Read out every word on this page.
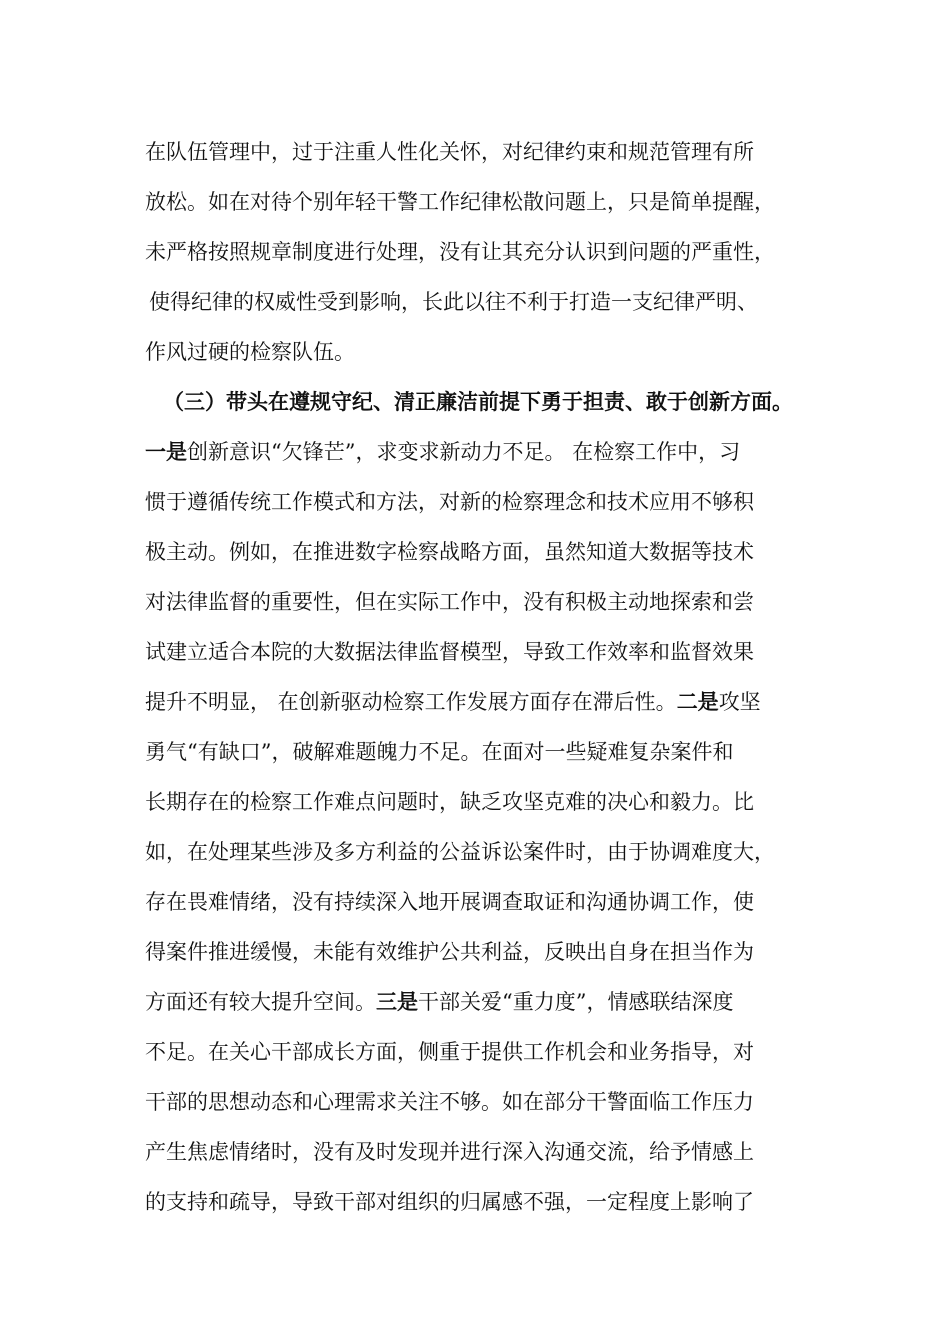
在队伍管理中，过于注重人性化关怀，对纪律约束和规范管理有所
放松。如在对待个别年轻干警工作纪律松散问题上，只是简单提醒，
未严格按照规章制度进行处理，没有让其充分认识到问题的严重性，
使得纪律的权威性受到影响，长此以往不利于打造一支纪律严明、
作风过硬的检察队伍。
（三）带头在遵规守纪、清正廉洁前提下勇于担责、敢于创新方面。
一是创新意识“欠锋芒”，求变求新动力不足。 在检察工作中，习
惯于遵循传统工作模式和方法，对新的检察理念和技术应用不够积
极主动。例如，在推进数字检察战略方面，虽然知道大数据等技术
对法律监督的重要性，但在实际工作中，没有积极主动地探索和尝
试建立适合本院的大数据法律监督模型，导致工作效率和监督效果
提升不明显， 在创新驱动检察工作发展方面存在滞后性。二是攻坚
勇气“有缺口”，破解难题魄力不足。在面对一些疑难复杂案件和
长期存在的检察工作难点问题时，缺乏攻坚克难的决心和毅力。比
如，在处理某些涉及多方利益的公益诉讼案件时，由于协调难度大，
存在畏难情绪，没有持续深入地开展调查取证和沟通协调工作，使
得案件推进缓慢，未能有效维护公共利益，反映出自身在担当作为
方面还有较大提升空间。三是干部关爱“重力度”，情感联结深度
不足。在关心干部成长方面，侧重于提供工作机会和业务指导，对
干部的思想动态和心理需求关注不够。如在部分干警面临工作压力
产生焦虑情绪时，没有及时发现并进行深入沟通交流，给予情感上
的支持和疏导，导致干部对组织的归属感不强，一定程度上影响了
